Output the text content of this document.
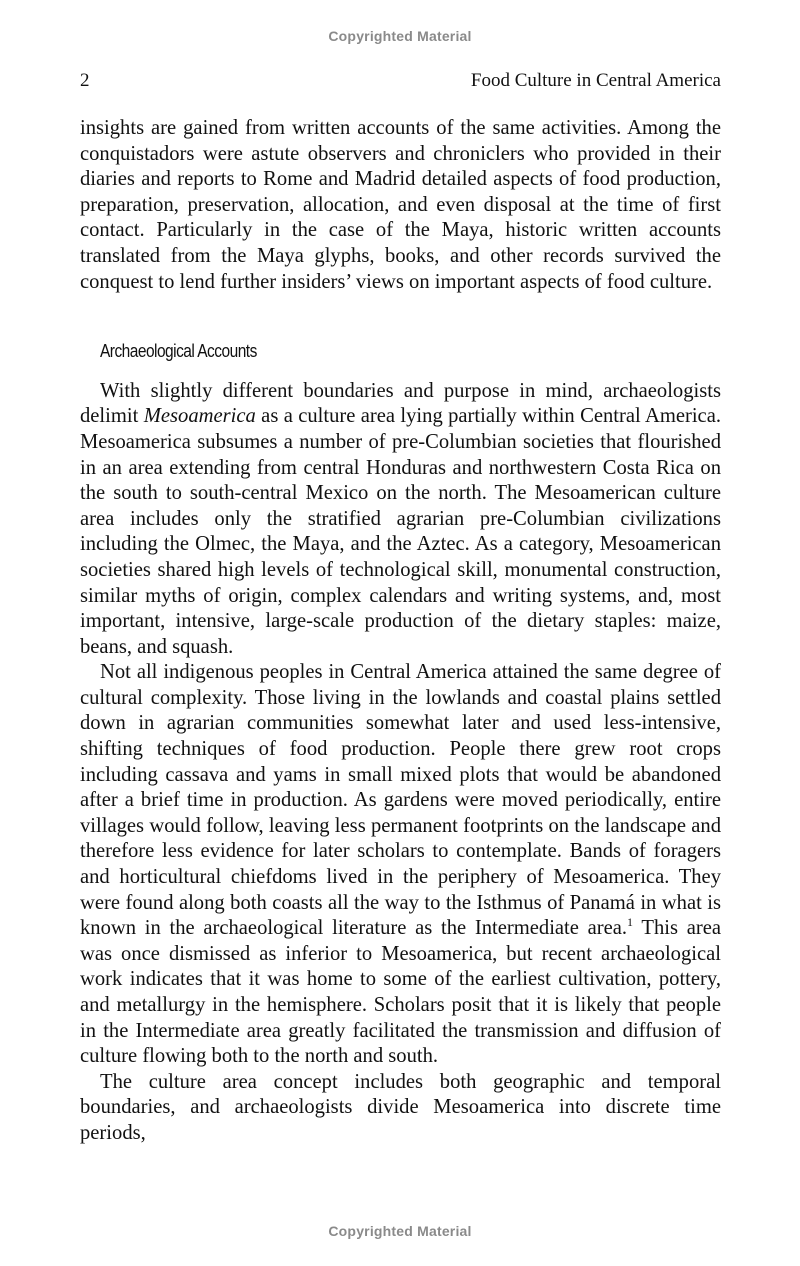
Copyrighted Material
2	Food Culture in Central America

insights are gained from written accounts of the same activities. Among the conquistadors were astute observers and chroniclers who provided in their diaries and reports to Rome and Madrid detailed aspects of food production, preparation, preservation, allocation, and even disposal at the time of first contact. Particularly in the case of the Maya, historic written accounts translated from the Maya glyphs, books, and other records survived the conquest to lend further insiders’ views on important aspects of food culture.

Archaeological Accounts

With slightly different boundaries and purpose in mind, archaeologists delimit Mesoamerica as a culture area lying partially within Central America. Mesoamerica subsumes a number of pre-Columbian societies that flourished in an area extending from central Honduras and northwestern Costa Rica on the south to south-central Mexico on the north. The Mesoamerican culture area includes only the stratified agrarian pre-Columbian civilizations including the Olmec, the Maya, and the Aztec. As a category, Mesoamerican societies shared high levels of technological skill, monumental construction, similar myths of origin, complex calendars and writing systems, and, most important, intensive, large-scale production of the dietary staples: maize, beans, and squash.

Not all indigenous peoples in Central America attained the same degree of cultural complexity. Those living in the lowlands and coastal plains settled down in agrarian communities somewhat later and used less-intensive, shifting techniques of food production. People there grew root crops including cassava and yams in small mixed plots that would be abandoned after a brief time in production. As gardens were moved periodically, entire villages would follow, leaving less permanent footprints on the landscape and therefore less evidence for later scholars to contemplate. Bands of foragers and horticultural chiefdoms lived in the periphery of Mesoamerica. They were found along both coasts all the way to the Isthmus of Panamá in what is known in the archaeological literature as the Intermediate area.$^1$ This area was once dismissed as inferior to Mesoamerica, but recent archaeological work indicates that it was home to some of the earliest cultivation, pottery, and metallurgy in the hemisphere. Scholars posit that it is likely that people in the Intermediate area greatly facilitated the transmission and diffusion of culture flowing both to the north and south.

The culture area concept includes both geographic and temporal boundaries, and archaeologists divide Mesoamerica into discrete time periods,

Copyrighted Material
